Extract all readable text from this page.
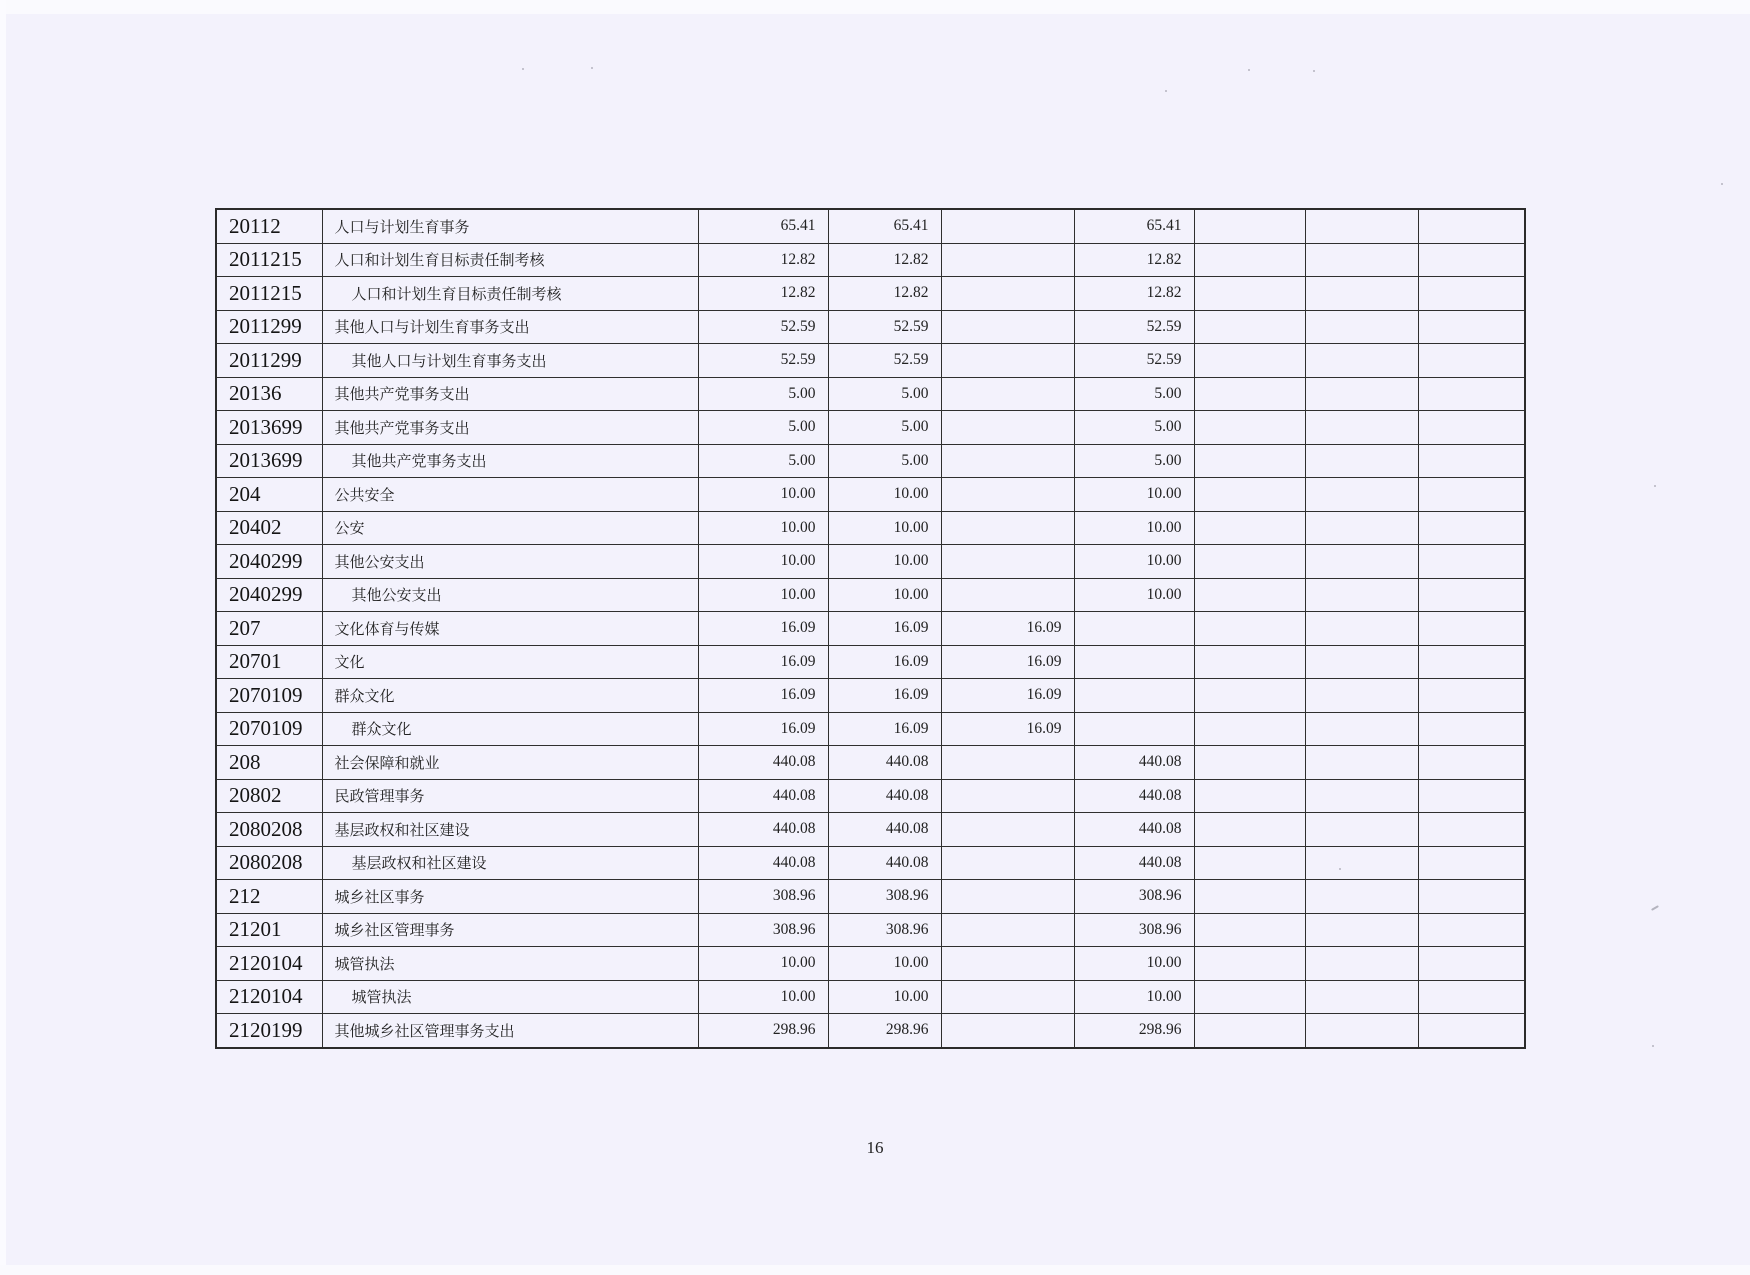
20112	人口与计划生育事务	65.41	65.41		65.41			
2011215	人口和计划生育目标责任制考核	12.82	12.82		12.82			
2011215	人口和计划生育目标责任制考核	12.82	12.82		12.82			
2011299	其他人口与计划生育事务支出	52.59	52.59		52.59			
2011299	其他人口与计划生育事务支出	52.59	52.59		52.59			
20136	其他共产党事务支出	5.00	5.00		5.00			
2013699	其他共产党事务支出	5.00	5.00		5.00			
2013699	其他共产党事务支出	5.00	5.00		5.00			
204	公共安全	10.00	10.00		10.00			
20402	公安	10.00	10.00		10.00			
2040299	其他公安支出	10.00	10.00		10.00			
2040299	其他公安支出	10.00	10.00		10.00			
207	文化体育与传媒	16.09	16.09	16.09				
20701	文化	16.09	16.09	16.09				
2070109	群众文化	16.09	16.09	16.09				
2070109	群众文化	16.09	16.09	16.09				
208	社会保障和就业	440.08	440.08		440.08			
20802	民政管理事务	440.08	440.08		440.08			
2080208	基层政权和社区建设	440.08	440.08		440.08			
2080208	基层政权和社区建设	440.08	440.08		440.08			
212	城乡社区事务	308.96	308.96		308.96			
21201	城乡社区管理事务	308.96	308.96		308.96			
2120104	城管执法	10.00	10.00		10.00			
2120104	城管执法	10.00	10.00		10.00			
2120199	其他城乡社区管理事务支出	298.96	298.96		298.96			
16
